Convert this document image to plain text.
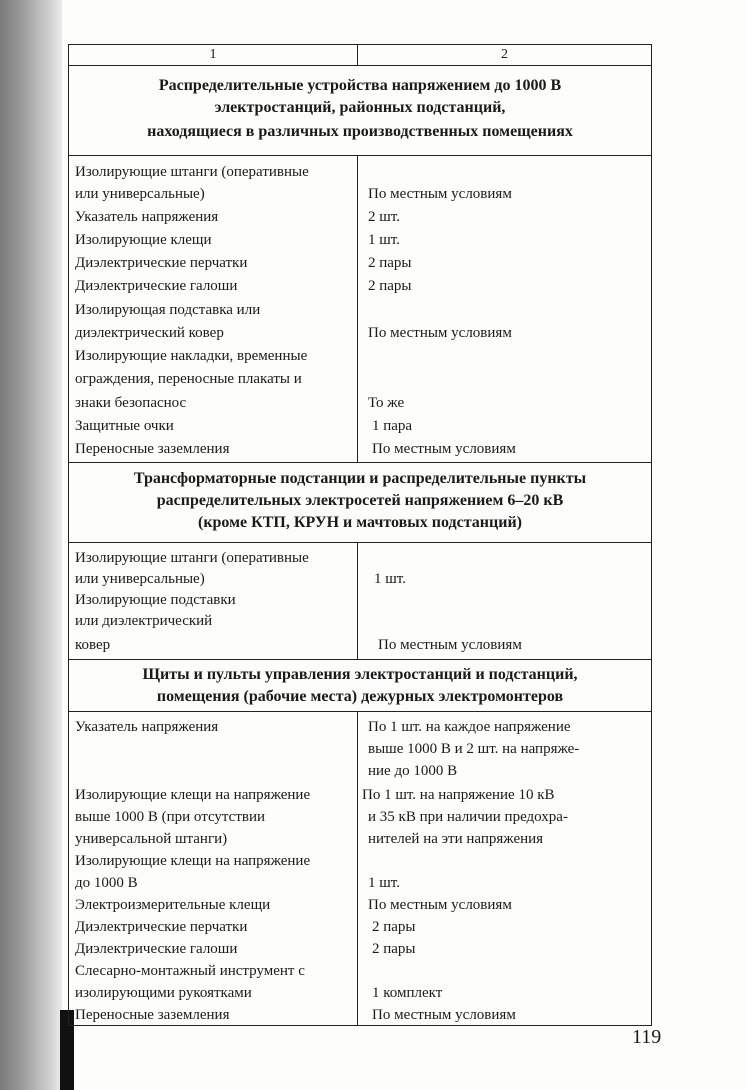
1	2
Распределительные устройства напряжением до 1000 В
электростанций, районных подстанций,
находящиеся в различных производственных помещениях
Изолирующие штанги (оперативные
или универсальные)
Указатель напряжения
Изолирующие клещи
Диэлектрические перчатки
Диэлектрические галоши
Изолирующая подставка или
диэлектрический ковер
Изолирующие накладки, временные
ограждения, переносные плакаты и
знаки безопаснос
Защитные очки
Переносные заземления
По местным условиям
2 шт.
1 шт.
2 пары
2 пары
По местным условиям
То же
1 пара
По местным условиям
Трансформаторные подстанции и распределительные пункты
распределительных электросетей напряжением 6–20 кВ
(кроме КТП, КРУН и мачтовых подстанций)
Изолирующие штанги (оперативные
или универсальные)
Изолирующие подставки
или диэлектрический
ковер
1 шт.
По местным условиям
Щиты и пульты управления электростанций и подстанций,
помещения (рабочие места) дежурных электромонтеров
Указатель напряжения
Изолирующие клещи на напряжение
выше 1000 В (при отсутствии
универсальной штанги)
Изолирующие клещи на напряжение
до 1000 В
Электроизмерительные клещи
Диэлектрические перчатки
Диэлектрические галоши
Слесарно-монтажный инструмент с
изолирующими рукоятками
Переносные заземления
По 1 шт. на каждое напряжение
выше 1000 В и 2 шт. на напряже-
ние до 1000 В
По 1 шт. на напряжение 10 кВ
и 35 кВ при наличии предохра-
нителей на эти напряжения
1 шт.
По местным условиям
2 пары
2 пары
1 комплект
По местным условиям
119
